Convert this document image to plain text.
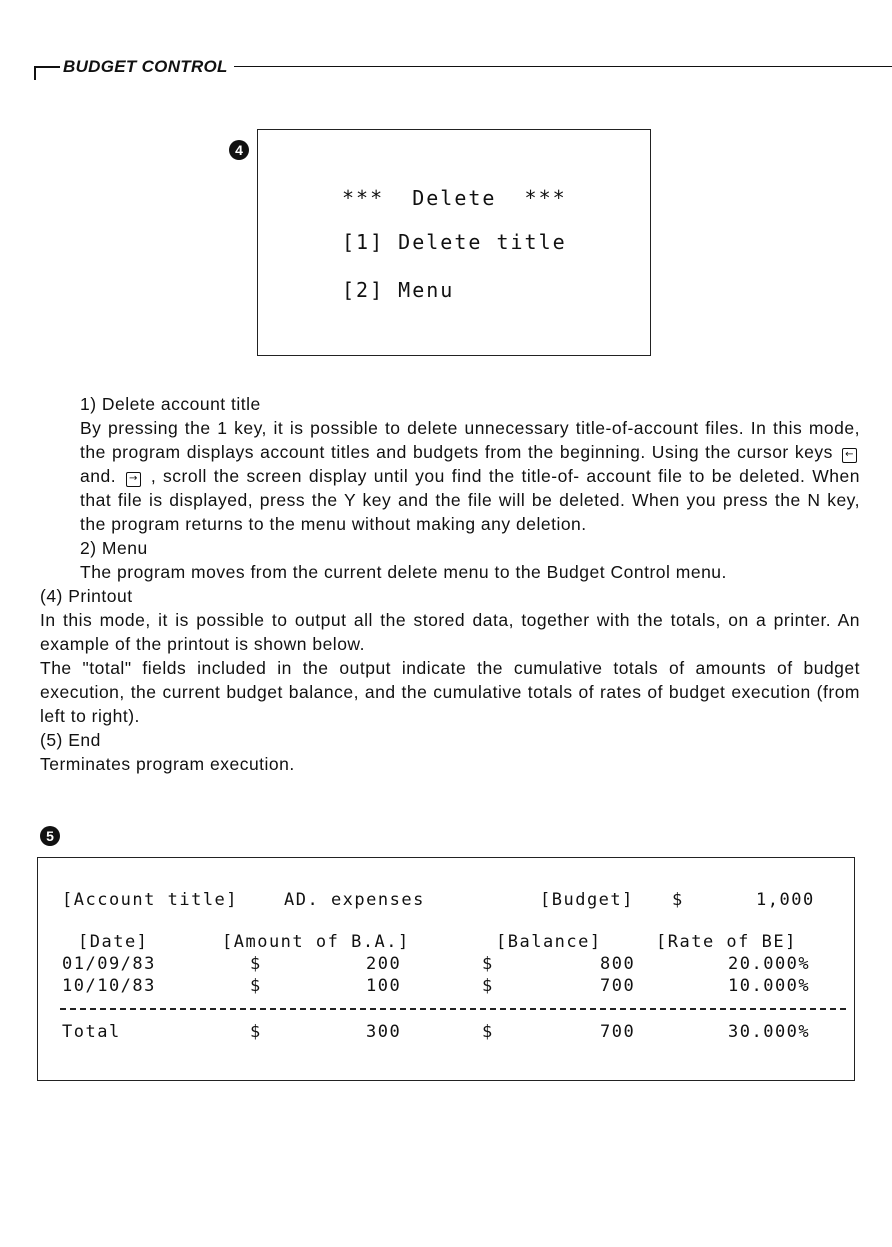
BUDGET CONTROL
4
***  Delete  ***
[1] Delete title
[2] Menu
1) Delete account title
By pressing the 1 key, it is possible to delete unnecessary title-of-account files. In this mode, the program displays account titles and budgets from the beginning. Using the cursor keys ← and. → , scroll the screen display until you find the title-of- account file to be deleted. When that file is displayed, press the Y key and the file will be deleted. When you press the N key, the program returns to the menu without making any deletion.
2) Menu
The program moves from the current delete menu to the Budget Control menu.
(4) Printout
In this mode, it is possible to output all the stored data, together with the totals, on a printer. An example of the printout is shown below.
The "total" fields included in the output indicate the cumulative totals of amounts of budget execution, the current budget balance, and the cumulative totals of rates of budget execution (from left to right).
(5) End
Terminates program execution.
5
[Account title]	AD. expenses	[Budget] $	1,000
[Date]	[Amount of B.A.]	[Balance]	[Rate of BE]
01/09/83	$	200	$	800	20.000%
10/10/83	$	100	$	700	10.000%
Total	$	300	$	700	30.000%
